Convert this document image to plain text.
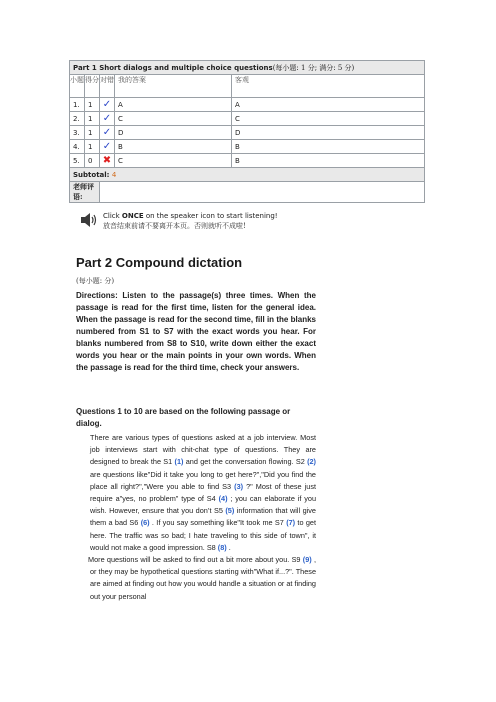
Part 1 Short dialogs and multiple choice questions(每小题: 1 分; 满分: 5 分)				
小题	得分	对错	我的答案	客观
1.	1	✓	A	A
2.	1	✓	C	C
3.	1	✓	D	D
4.	1	✓	B	B
5.	0	✖	C	B
Subtotal: 4				
老师评语:				
Click ONCE on the speaker icon to start listening!
放音结束前请不要离开本页。否则就听不成啦!
Part 2 Compound dictation
(每小题: 分)

Directions: Listen to the passage(s) three times. When the passage is read for the first time, listen for the general idea. When the passage is read for the second time, fill in the blanks numbered from S1 to S7 with the exact words you hear. For blanks numbered from S8 to S10, write down either the exact words you hear or the main points in your own words. When the passage is read for the third time, check your answers.

Questions 1 to 10 are based on the following passage or dialog.

There are various types of questions asked at a job interview. Most job interviews start with chit-chat type of questions. They are designed to break the S1 (1) and get the conversation flowing. S2 (2) are questions like"Did it take you long to get here?","Did you find the place all right?","Were you able to find S3 (3) ?" Most of these just require a"yes, no problem" type of S4 (4) ; you can elaborate if you wish. However, ensure that you don’t S5 (5) information that will give them a bad S6 (6) . If you say something like"It took me S7 (7) to get here. The traffic was so bad; I hate traveling to this side of town", it would not make a good impression. S8 (8) .

More questions will be asked to find out a bit more about you. S9 (9) , or they may be hypothetical questions starting with"What if...?". These are aimed at finding out how you would handle a situation or at finding out your personal
